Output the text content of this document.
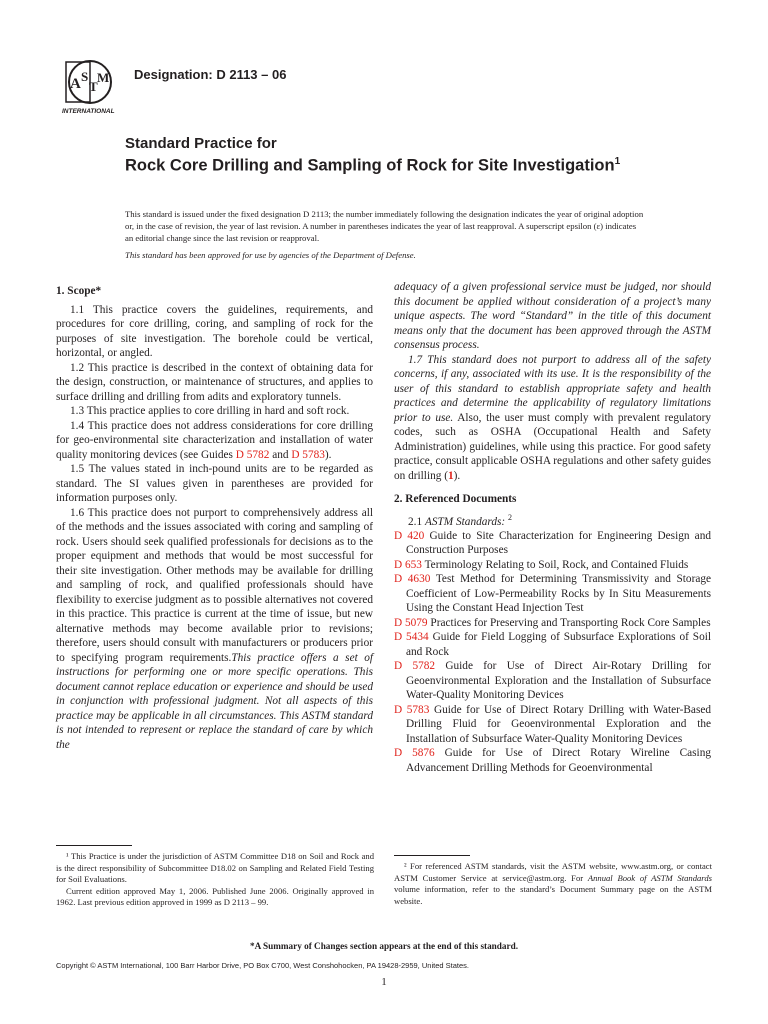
A S
T
M
INTERNATIONAL
Designation: D 2113 – 06
Standard Practice for
Rock Core Drilling and Sampling of Rock for Site Investigation$^1$
This standard is issued under the fixed designation D 2113; the number immediately following the designation indicates the year of original adoption or, in the case of revision, the year of last revision. A number in parentheses indicates the year of last reapproval. A superscript epsilon (ε) indicates an editorial change since the last revision or reapproval.
This standard has been approved for use by agencies of the Department of Defense.

1. Scope*

1.1 This practice covers the guidelines, requirements, and procedures for core drilling, coring, and sampling of rock for the purposes of site investigation. The borehole could be vertical, horizontal, or angled.

1.2 This practice is described in the context of obtaining data for the design, construction, or maintenance of structures, and applies to surface drilling and drilling from adits and exploratory tunnels.

1.3 This practice applies to core drilling in hard and soft rock.

1.4 This practice does not address considerations for core drilling for geo-environmental site characterization and installation of water quality monitoring devices (see Guides D 5782 and D 5783).

1.5 The values stated in inch-pound units are to be regarded as standard. The SI values given in parentheses are provided for information purposes only.

1.6 This practice does not purport to comprehensively address all of the methods and the issues associated with coring and sampling of rock. Users should seek qualified professionals for decisions as to the proper equipment and methods that would be most successful for their site investigation. Other methods may be available for drilling and sampling of rock, and qualified professionals should have flexibility to exercise judgment as to possible alternatives not covered in this practice. This practice is current at the time of issue, but new alternative methods may become available prior to revisions; therefore, users should consult with manufacturers or producers prior to specifying program requirements.This practice offers a set of instructions for performing one or more specific operations. This document cannot replace education or experience and should be used in conjunction with professional judgment. Not all aspects of this practice may be applicable in all circumstances. This ASTM standard is not intended to represent or replace the standard of care by which the

adequacy of a given professional service must be judged, nor should this document be applied without consideration of a project’s many unique aspects. The word “Standard” in the title of this document means only that the document has been approved through the ASTM consensus process.

1.7 This standard does not purport to address all of the safety concerns, if any, associated with its use. It is the responsibility of the user of this standard to establish appropriate safety and health practices and determine the applicability of regulatory limitations prior to use. Also, the user must comply with prevalent regulatory codes, such as OSHA (Occupational Health and Safety Administration) guidelines, while using this practice. For good safety practice, consult applicable OSHA regulations and other safety guides on drilling (1).

2. Referenced Documents

2.1 ASTM Standards: $^2$

D 420 Guide to Site Characterization for Engineering Design and Construction Purposes

D 653 Terminology Relating to Soil, Rock, and Contained Fluids

D 4630 Test Method for Determining Transmissivity and Storage Coefficient of Low-Permeability Rocks by In Situ Measurements Using the Constant Head Injection Test

D 5079 Practices for Preserving and Transporting Rock Core Samples

D 5434 Guide for Field Logging of Subsurface Explorations of Soil and Rock

D 5782 Guide for Use of Direct Air-Rotary Drilling for Geoenvironmental Exploration and the Installation of Subsurface Water-Quality Monitoring Devices

D 5783 Guide for Use of Direct Rotary Drilling with Water-Based Drilling Fluid for Geoenvironmental Exploration and the Installation of Subsurface Water-Quality Monitoring Devices

D 5876 Guide for Use of Direct Rotary Wireline Casing Advancement Drilling Methods for Geoenvironmental

¹ This Practice is under the jurisdiction of ASTM Committee D18 on Soil and Rock and is the direct responsibility of Subcommittee D18.02 on Sampling and Related Field Testing for Soil Evaluations.

Current edition approved May 1, 2006. Published June 2006. Originally approved in 1962. Last previous edition approved in 1999 as D 2113 – 99.

² For referenced ASTM standards, visit the ASTM website, www.astm.org, or contact ASTM Customer Service at service@astm.org. For Annual Book of ASTM Standards volume information, refer to the standard’s Document Summary page on the ASTM website.

*A Summary of Changes section appears at the end of this standard.
Copyright © ASTM International, 100 Barr Harbor Drive, PO Box C700, West Conshohocken, PA 19428-2959, United States.
1
